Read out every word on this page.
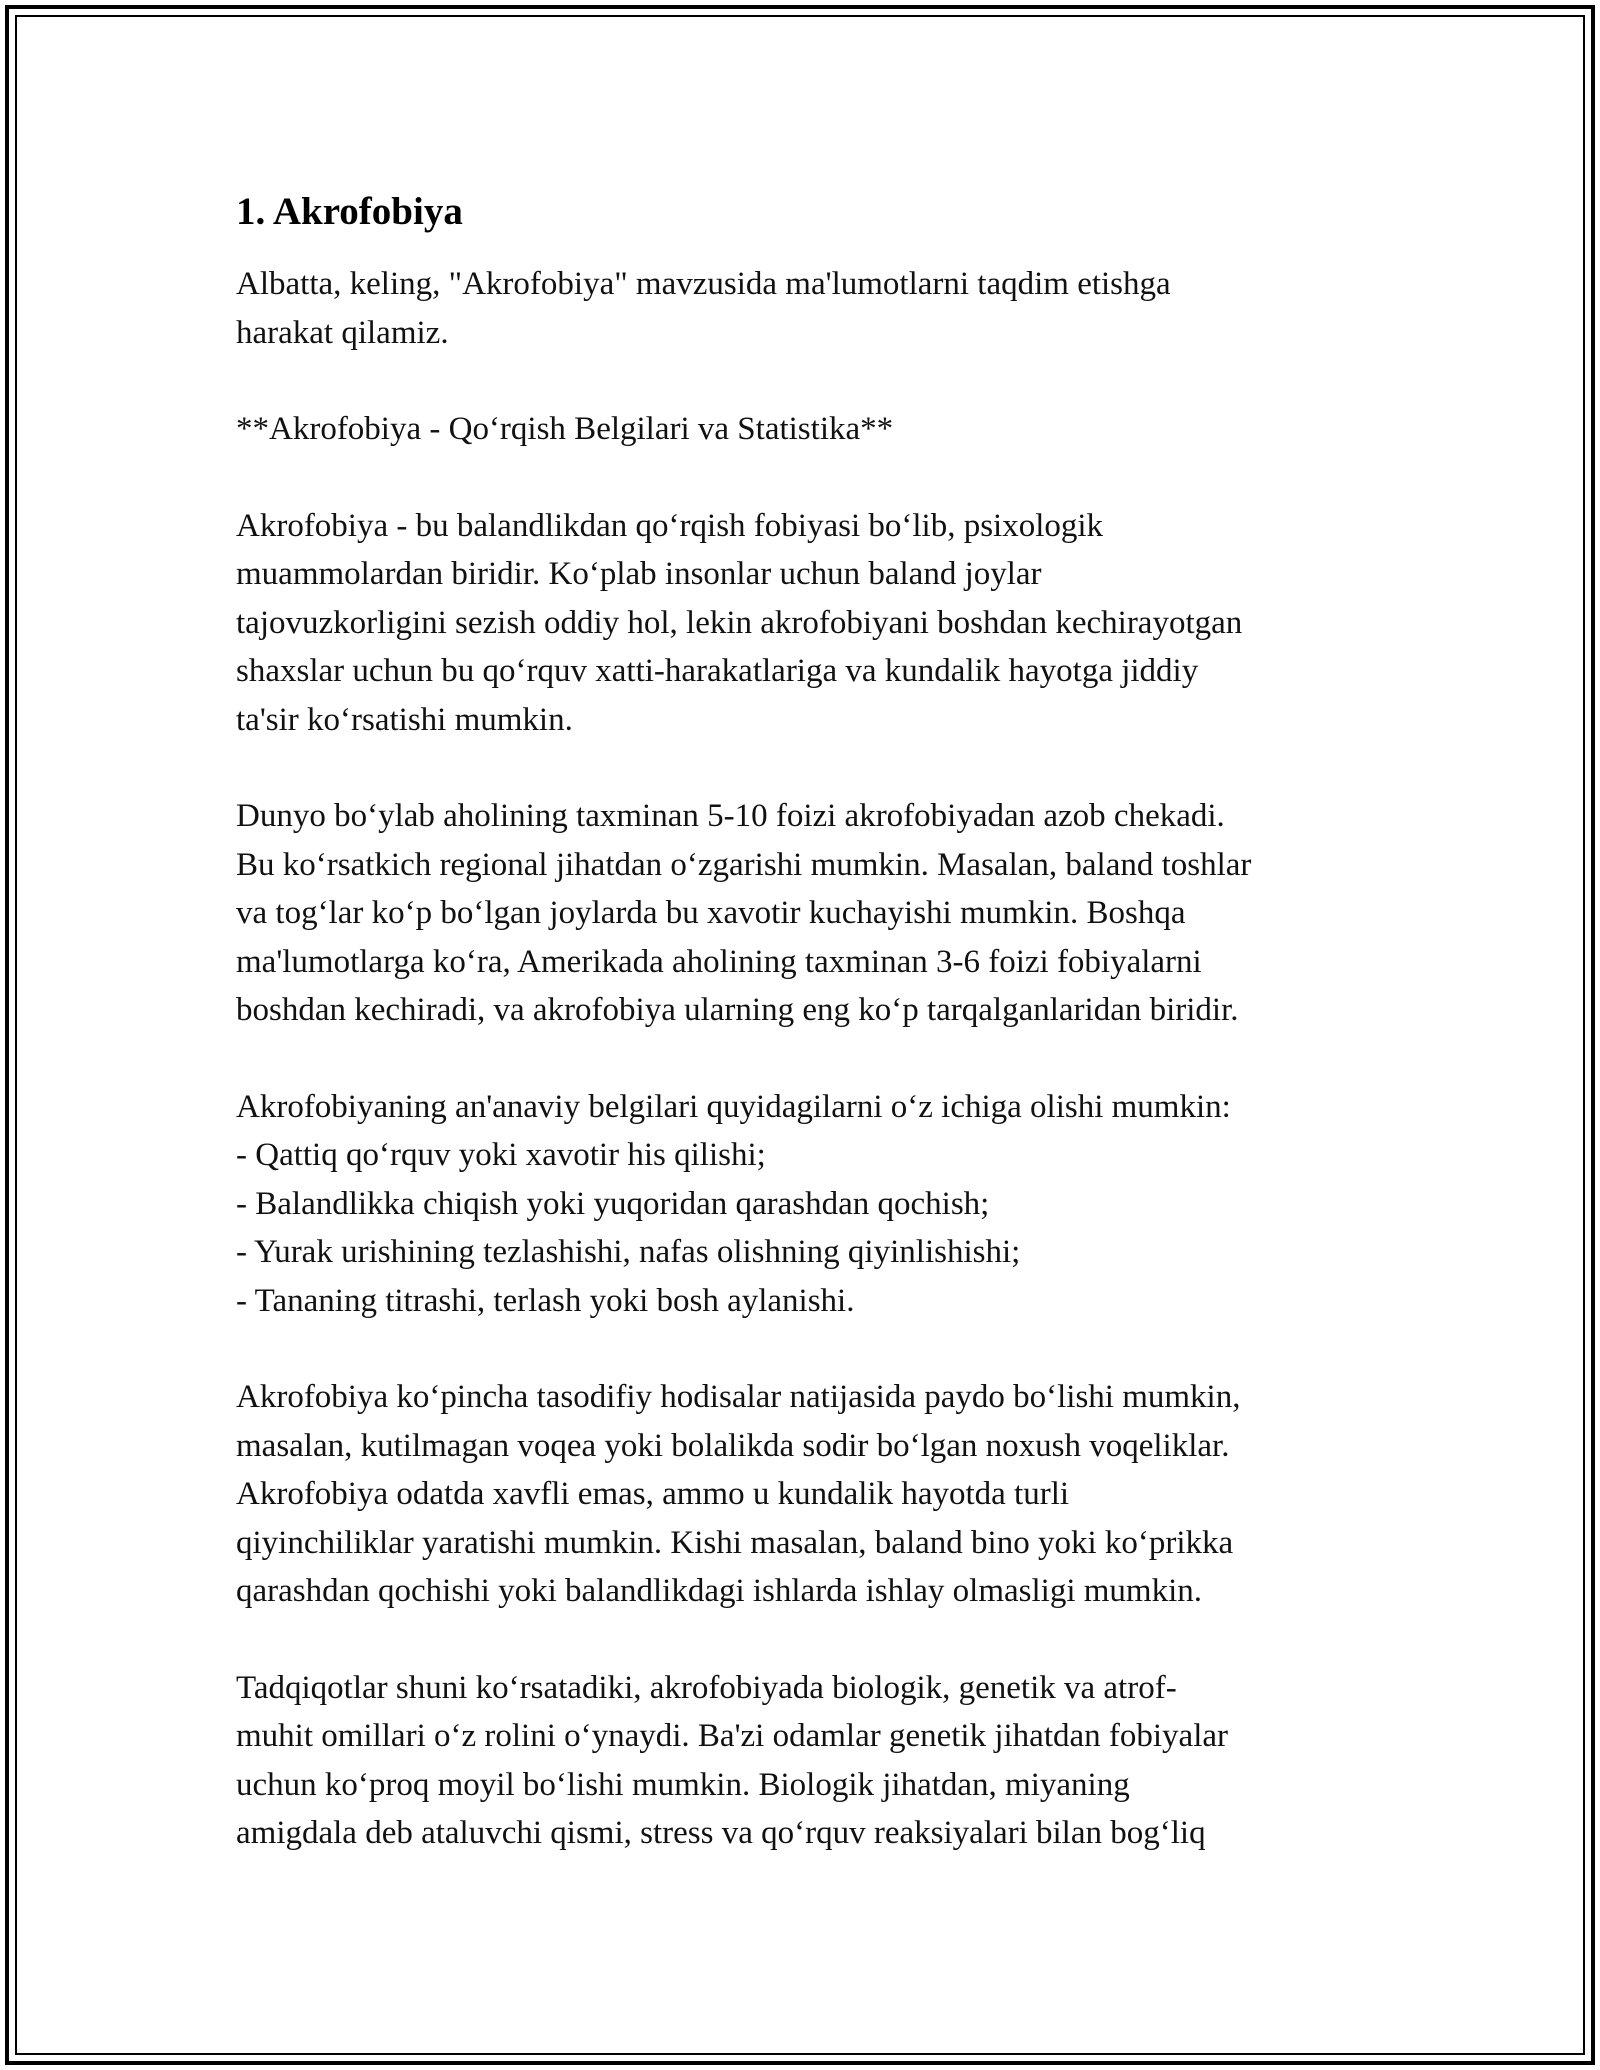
1. Akrofobiya

Albatta, keling, "Akrofobiya" mavzusida ma'lumotlarni taqdim etishga
harakat qilamiz.

**Akrofobiya - Qo‘rqish Belgilari va Statistika**

Akrofobiya - bu balandlikdan qo‘rqish fobiyasi bo‘lib, psixologik
muammolardan biridir. Ko‘plab insonlar uchun baland joylar
tajovuzkorligini sezish oddiy hol, lekin akrofobiyani boshdan kechirayotgan
shaxslar uchun bu qo‘rquv xatti-harakatlariga va kundalik hayotga jiddiy
ta'sir ko‘rsatishi mumkin.

Dunyo bo‘ylab aholining taxminan 5-10 foizi akrofobiyadan azob chekadi.
Bu ko‘rsatkich regional jihatdan o‘zgarishi mumkin. Masalan, baland toshlar
va tog‘lar ko‘p bo‘lgan joylarda bu xavotir kuchayishi mumkin. Boshqa
ma'lumotlarga ko‘ra, Amerikada aholining taxminan 3-6 foizi fobiyalarni
boshdan kechiradi, va akrofobiya ularning eng ko‘p tarqalganlaridan biridir.

Akrofobiyaning an'anaviy belgilari quyidagilarni o‘z ichiga olishi mumkin:

- Qattiq qo‘rquv yoki xavotir his qilishi;
- Balandlikka chiqish yoki yuqoridan qarashdan qochish;
- Yurak urishining tezlashishi, nafas olishning qiyinlishishi;
- Tananing titrashi, terlash yoki bosh aylanishi.

Akrofobiya ko‘pincha tasodifiy hodisalar natijasida paydo bo‘lishi mumkin,
masalan, kutilmagan voqea yoki bolalikda sodir bo‘lgan noxush voqeliklar.
Akrofobiya odatda xavfli emas, ammo u kundalik hayotda turli
qiyinchiliklar yaratishi mumkin. Kishi masalan, baland bino yoki ko‘prikka
qarashdan qochishi yoki balandlikdagi ishlarda ishlay olmasligi mumkin.

Tadqiqotlar shuni ko‘rsatadiki, akrofobiyada biologik, genetik va atrof-
muhit omillari o‘z rolini o‘ynaydi. Ba'zi odamlar genetik jihatdan fobiyalar
uchun ko‘proq moyil bo‘lishi mumkin. Biologik jihatdan, miyaning
amigdala deb ataluvchi qismi, stress va qo‘rquv reaksiyalari bilan bog‘liq
